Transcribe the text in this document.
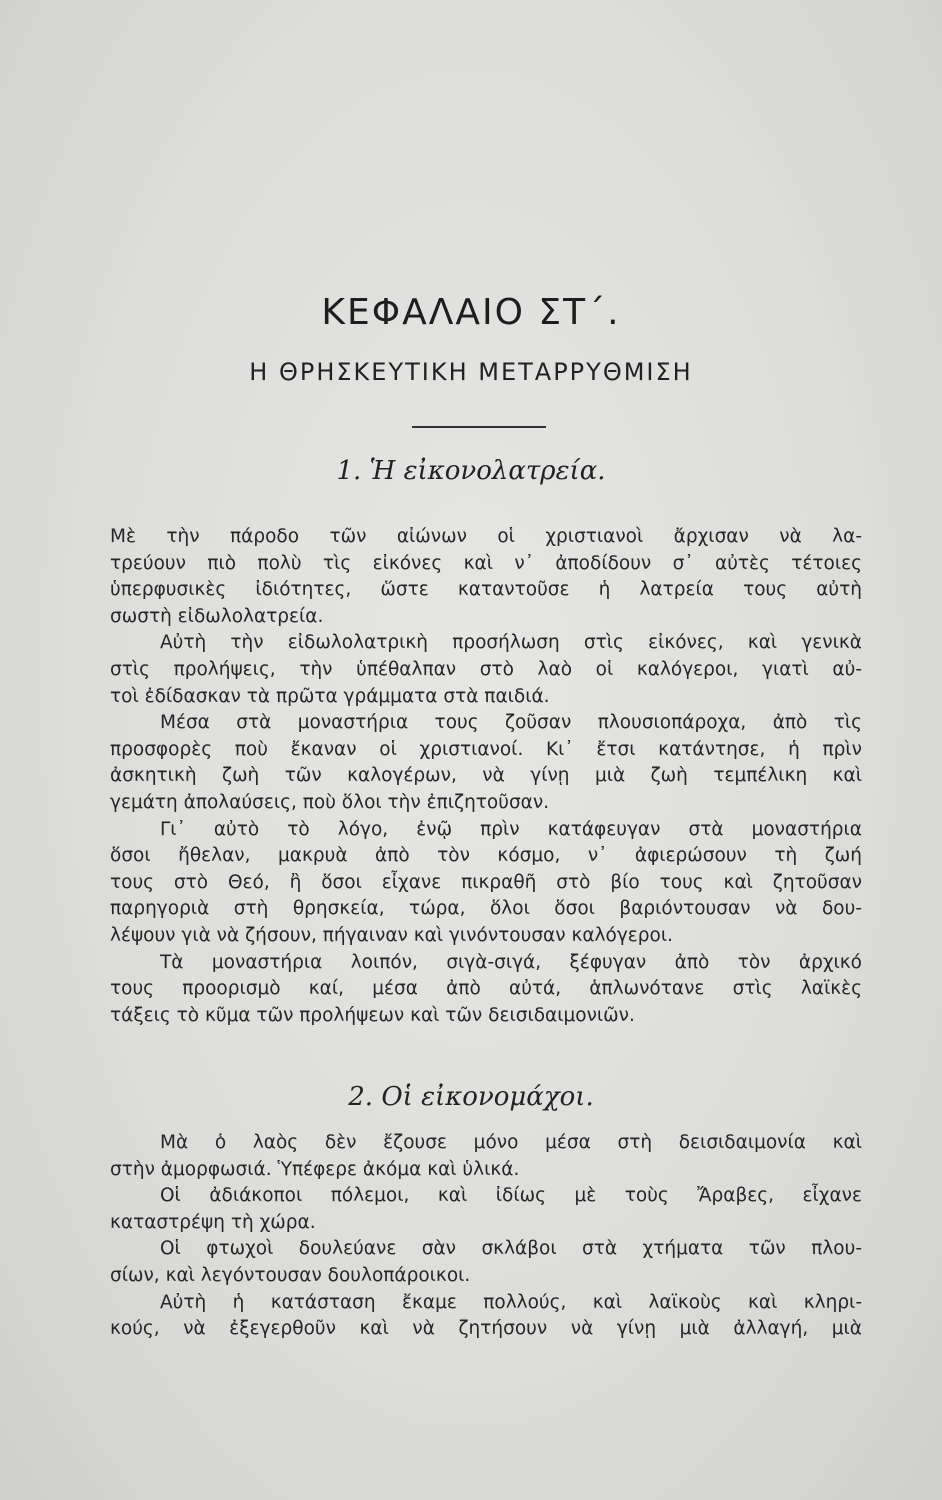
ΚΕΦΑΛΑΙΟ ΣΤ΄.
Η ΘΡΗΣΚΕΥΤΙΚΗ ΜΕΤΑΡΡΥΘΜΙΣΗ
1. Ἡ εἰκονολατρεία.
Μὲ τὴν πάροδο τῶν αἰώνων οἱ χριστιανοὶ ἄρχισαν νὰ λα-
τρεύουν πιὸ πολὺ τὶς εἰκόνες καὶ ν᾽ ἀποδίδουν σ᾽ αὐτὲς τέτοιες
ὑπερφυσικὲς ἰδιότητες, ὥστε καταντοῦσε ἡ λατρεία τους αὐτὴ
σωστὴ εἰδωλολατρεία.
Αὐτὴ τὴν εἰδωλολατρικὴ προσήλωση στὶς εἰκόνες, καὶ γενικὰ
στὶς προλήψεις, τὴν ὑπέθαλπαν στὸ λαὸ οἱ καλόγεροι, γιατὶ αὐ-
τοὶ ἐδίδασκαν τὰ πρῶτα γράμματα στὰ παιδιά.
Μέσα στὰ μοναστήρια τους ζοῦσαν πλουσιοπάροχα, ἀπὸ τὶς
προσφορὲς ποὺ ἔκαναν οἱ χριστιανοί. Κι᾽ ἔτσι κατάντησε, ἡ πρὶν
ἀσκητικὴ ζωὴ τῶν καλογέρων, νὰ γίνῃ μιὰ ζωὴ τεμπέλικη καὶ
γεμάτη ἀπολαύσεις, ποὺ ὅλοι τὴν ἐπιζητοῦσαν.
Γι᾽ αὐτὸ τὸ λόγο, ἐνῷ πρὶν κατάφευγαν στὰ μοναστήρια
ὅσοι ἤθελαν, μακρυὰ ἀπὸ τὸν κόσμο, ν᾽ ἀφιερώσουν τὴ ζωή
τους στὸ Θεό, ἢ ὅσοι εἶχανε πικραθῆ στὸ βίο τους καὶ ζητοῦσαν
παρηγοριὰ στὴ θρησκεία, τώρα, ὅλοι ὅσοι βαριόντουσαν νὰ δου-
λέψουν γιὰ νὰ ζήσουν, πήγαιναν καὶ γινόντουσαν καλόγεροι.
Τὰ μοναστήρια λοιπόν, σιγὰ-σιγά, ξέφυγαν ἀπὸ τὸν ἀρχικό
τους προορισμὸ καί, μέσα ἀπὸ αὐτά, ἁπλωνότανε στὶς λαϊκὲς
τάξεις τὸ κῦμα τῶν προλήψεων καὶ τῶν δεισιδαιμονιῶν.
2. Οἱ εἰκονομάχοι.
Μὰ ὁ λαὸς δὲν ἔζουσε μόνο μέσα στὴ δεισιδαιμονία καὶ
στὴν ἀμορφωσιά. Ὑπέφερε ἀκόμα καὶ ὑλικά.
Οἱ ἀδιάκοποι πόλεμοι, καὶ ἰδίως μὲ τοὺς Ἄραβες, εἶχανε
καταστρέψη τὴ χώρα.
Οἱ φτωχοὶ δουλεύανε σὰν σκλάβοι στὰ χτήματα τῶν πλου-
σίων, καὶ λεγόντουσαν δουλοπάροικοι.
Αὐτὴ ἡ κατάσταση ἔκαμε πολλούς, καὶ λαϊκοὺς καὶ κληρι-
κούς, νὰ ἐξεγερθοῦν καὶ νὰ ζητήσουν νὰ γίνῃ μιὰ ἀλλαγή, μιὰ
